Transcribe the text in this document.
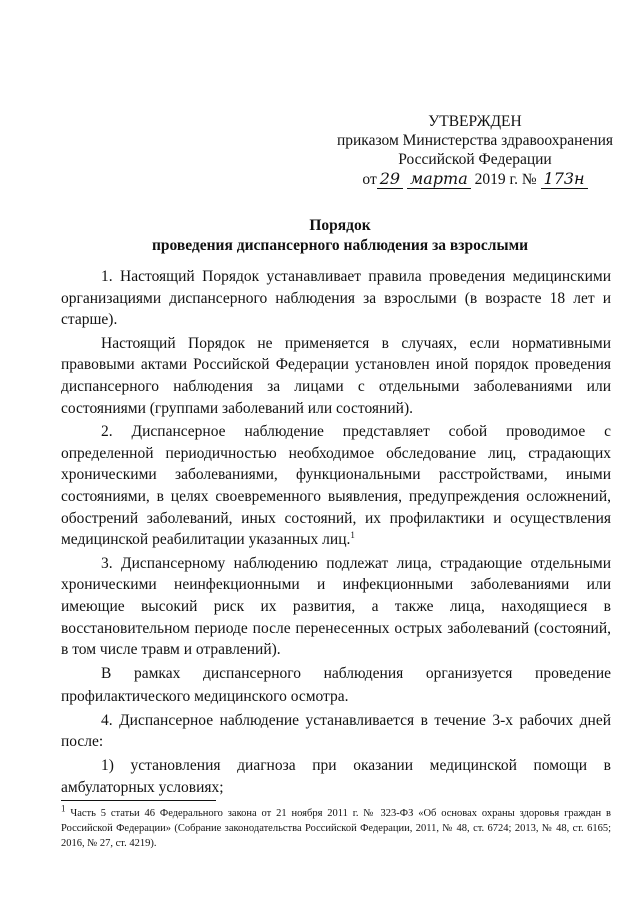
УТВЕРЖДЕН
приказом Министерства здравоохранения
Российской Федерации
от 29 марта 2019 г. № 173н
Порядок
проведения диспансерного наблюдения за взрослыми

1. Настоящий Порядок устанавливает правила проведения медицинскими организациями диспансерного наблюдения за взрослыми (в возрасте 18 лет и старше).

Настоящий Порядок не применяется в случаях, если нормативными правовыми актами Российской Федерации установлен иной порядок проведения диспансерного наблюдения за лицами с отдельными заболеваниями или состояниями (группами заболеваний или состояний).

2. Диспансерное наблюдение представляет собой проводимое с определенной периодичностью необходимое обследование лиц, страдающих хроническими заболеваниями, функциональными расстройствами, иными состояниями, в целях своевременного выявления, предупреждения осложнений, обострений заболеваний, иных состояний, их профилактики и осуществления медицинской реабилитации указанных лиц.$^1$

3. Диспансерному наблюдению подлежат лица, страдающие отдельными хроническими неинфекционными и инфекционными заболеваниями или имеющие высокий риск их развития, а также лица, находящиеся в восстановительном периоде после перенесенных острых заболеваний (состояний, в том числе травм и отравлений).

В рамках диспансерного наблюдения организуется проведение

профилактического медицинского осмотра.

4. Диспансерное наблюдение устанавливается в течение 3-х рабочих дней после:

1) установления диагноза при оказании медицинской помощи в амбулаторных условиях;

$^1$ Часть 5 статьи 46 Федерального закона от 21 ноября 2011 г. № 323-ФЗ «Об основах охраны здоровья граждан в Российской Федерации» (Собрание законодательства Российской Федерации, 2011, № 48, ст. 6724; 2013, № 48, ст. 6165; 2016, № 27, ст. 4219).
